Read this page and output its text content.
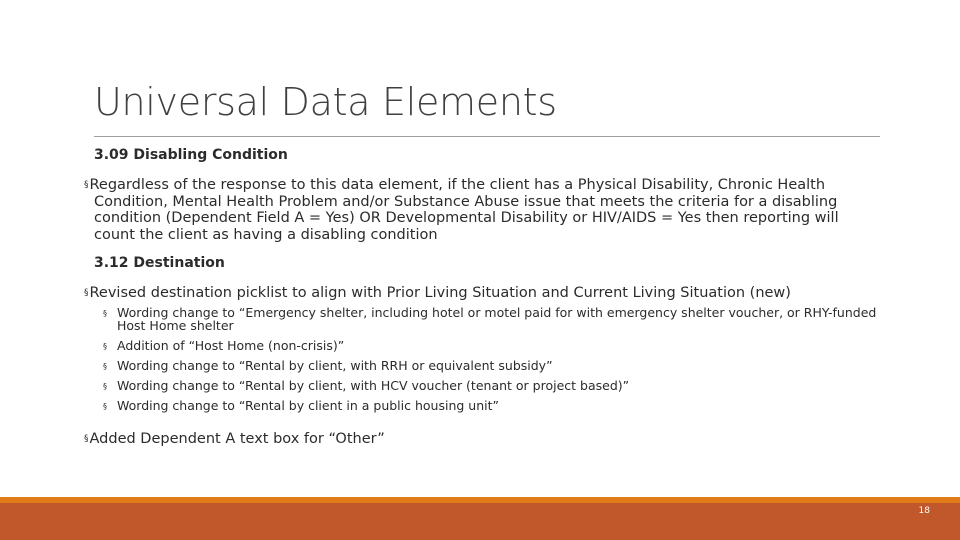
Universal Data Elements
3.09 Disabling Condition
§Regardless of the response to this data element, if the client has a Physical Disability, Chronic Health Condition, Mental Health Problem and/or Substance Abuse issue that meets the criteria for a disabling condition (Dependent Field A = Yes) OR Developmental Disability or HIV/AIDS = Yes then reporting will count the client as having a disabling condition
3.12 Destination
§Revised destination picklist to align with Prior Living Situation and Current Living Situation (new)
§ Wording change to “Emergency shelter, including hotel or motel paid for with emergency shelter voucher, or RHY-funded Host Home shelter
§ Addition of “Host Home (non-crisis)”
§ Wording change to “Rental by client, with RRH or equivalent subsidy”
§ Wording change to “Rental by client, with HCV voucher (tenant or project based)”
§ Wording change to “Rental by client in a public housing unit”
§Added Dependent A text box for “Other”
18
